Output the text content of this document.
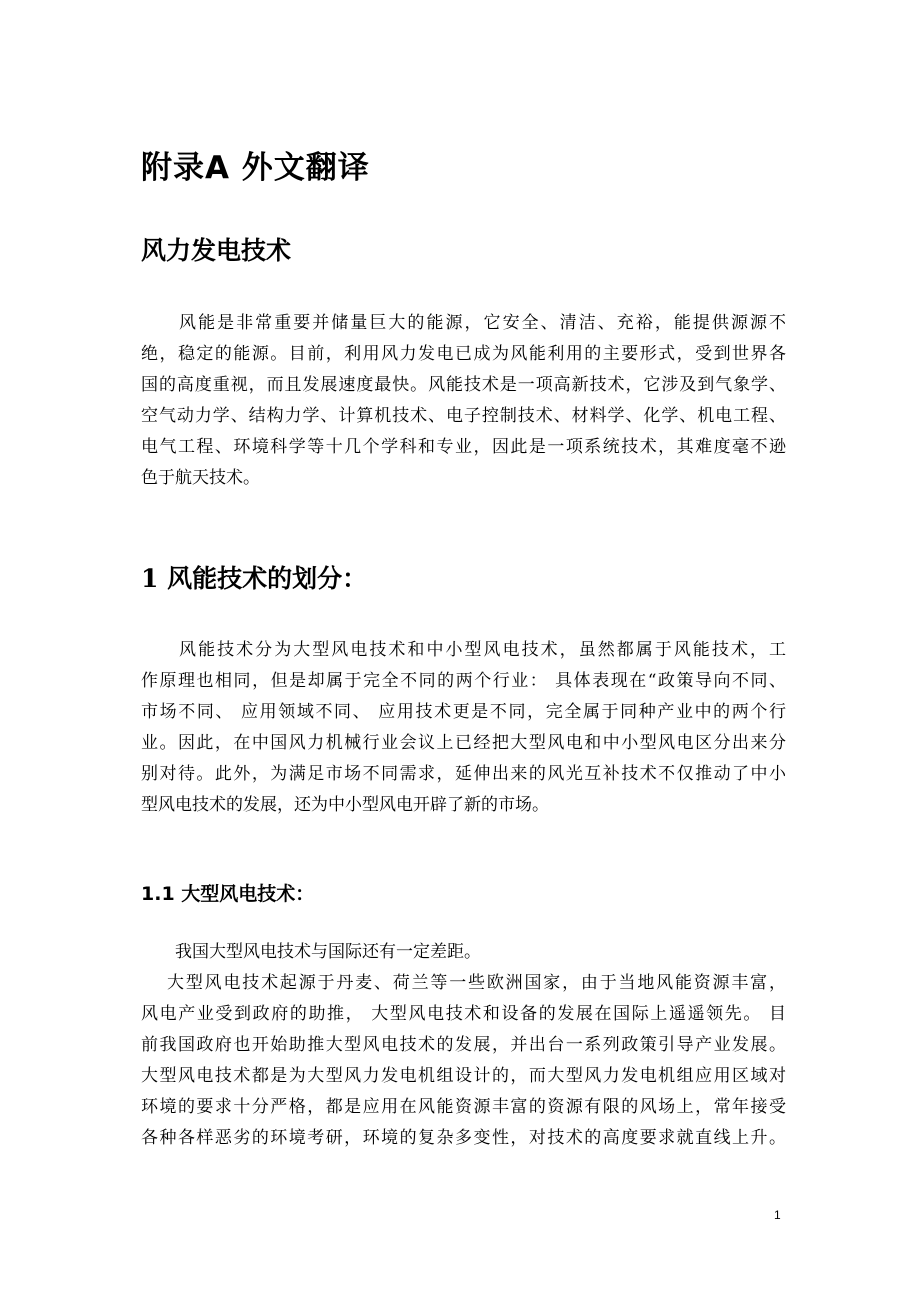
附录A 外文翻译
风力发电技术

　　风能是非常重要并储量巨大的能源，它安全、清洁、充裕，能提供源源不
绝，稳定的能源。目前，利用风力发电已成为风能利用的主要形式，受到世界各
国的高度重视，而且发展速度最快。风能技术是一项高新技术，它涉及到气象学、
空气动力学、结构力学、计算机技术、电子控制技术、材料学、化学、机电工程、
电气工程、环境科学等十几个学科和专业，因此是一项系统技术，其难度毫不逊
色于航天技术。

1 风能技术的划分：

　　风能技术分为大型风电技术和中小型风电技术，虽然都属于风能技术，工
作原理也相同，但是却属于完全不同的两个行业： 具体表现在“政策导向不同、
市场不同、 应用领域不同、 应用技术更是不同，完全属于同种产业中的两个行
业。因此，在中国风力机械行业会议上已经把大型风电和中小型风电区分出来分
别对待。此外，为满足市场不同需求，延伸出来的风光互补技术不仅推动了中小
型风电技术的发展，还为中小型风电开辟了新的市场。

1.1 大型风电技术：

　　我国大型风电技术与国际还有一定差距。
　 大型风电技术起源于丹麦、荷兰等一些欧洲国家，由于当地风能资源丰富，
风电产业受到政府的助推， 大型风电技术和设备的发展在国际上遥遥领先。 目
前我国政府也开始助推大型风电技术的发展，并出台一系列政策引导产业发展。
大型风电技术都是为大型风力发电机组设计的，而大型风力发电机组应用区域对
环境的要求十分严格，都是应用在风能资源丰富的资源有限的风场上，常年接受
各种各样恶劣的环境考研，环境的复杂多变性，对技术的高度要求就直线上升。

1
